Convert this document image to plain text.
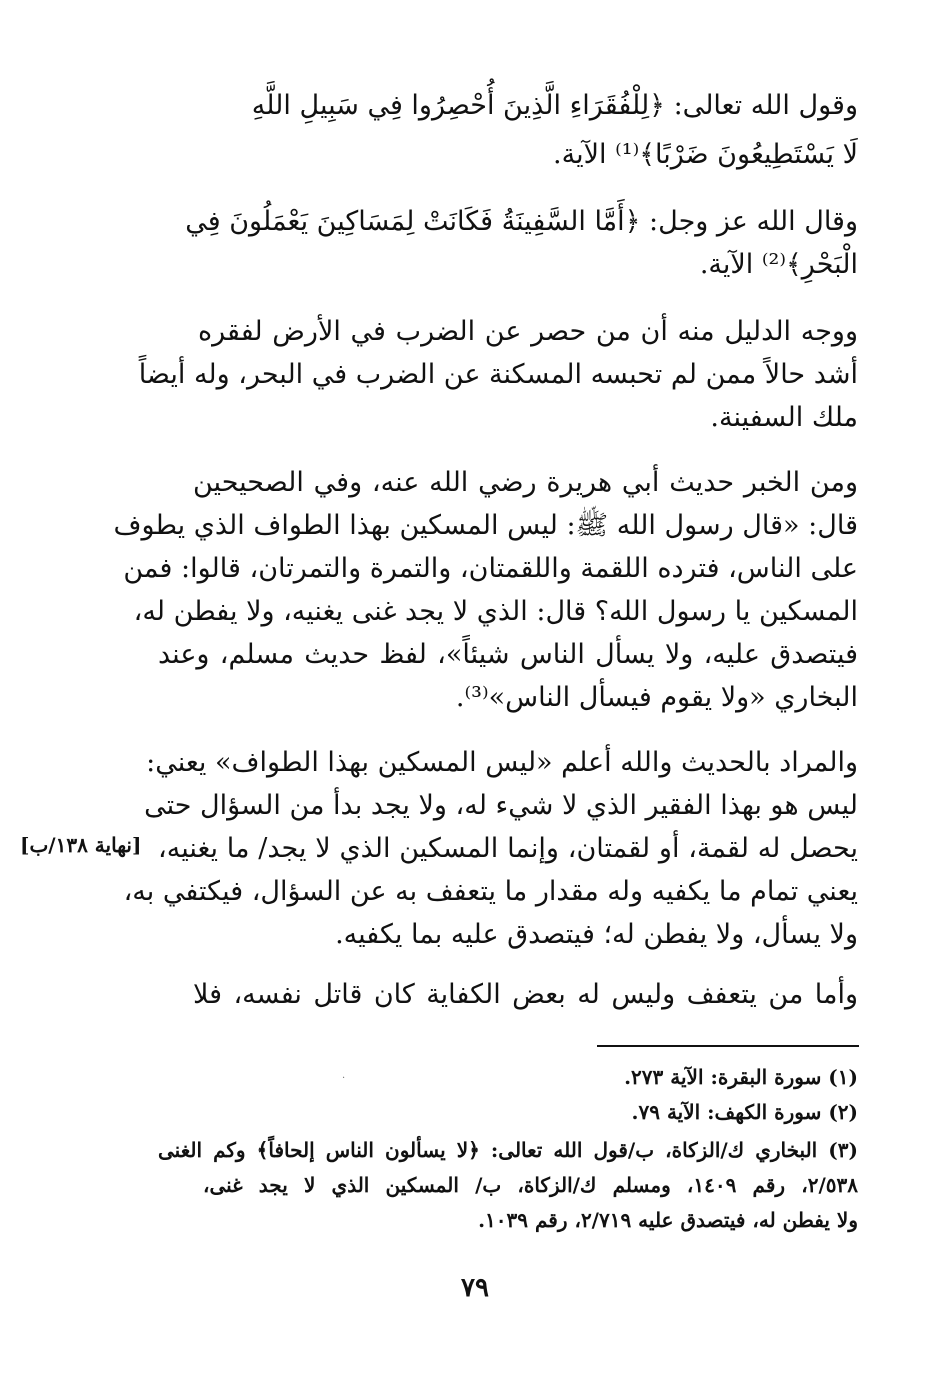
وقول الله تعالى: ﴿لِلْفُقَرَاءِ الَّذِينَ أُحْصِرُوا فِي سَبِيلِ اللَّهِ
لَا يَسْتَطِيعُونَ ضَرْبًا﴾⁽¹⁾ الآية.
وقال الله عز وجل: ﴿أَمَّا السَّفِينَةُ فَكَانَتْ لِمَسَاكِينَ يَعْمَلُونَ فِي
الْبَحْرِ﴾⁽²⁾ الآية.
ووجه الدليل منه أن من حصر عن الضرب في الأرض لفقره
أشد حالاً ممن لم تحبسه المسكنة عن الضرب في البحر، وله أيضاً
ملك السفينة.
ومن الخبر حديث أبي هريرة رضي الله عنه، وفي الصحيحين
قال: «قال رسول الله ﷺ: ليس المسكين بهذا الطواف الذي يطوف
على الناس، فترده اللقمة واللقمتان، والتمرة والتمرتان، قالوا: فمن
المسكين يا رسول الله؟ قال: الذي لا يجد غنى يغنيه، ولا يفطن له،
فيتصدق عليه، ولا يسأل الناس شيئاً»، لفظ حديث مسلم، وعند
البخاري «ولا يقوم فيسأل الناس»⁽³⁾.
والمراد بالحديث والله أعلم «ليس المسكين بهذا الطواف» يعني:
ليس هو بهذا الفقير الذي لا شيء له، ولا يجد بدأ من السؤال حتى
يحصل له لقمة، أو لقمتان، وإنما المسكين الذي لا يجد/ ما يغنيه،
يعني تمام ما يكفيه وله مقدار ما يتعفف به عن السؤال، فيكتفي به،
ولا يسأل، ولا يفطن له؛ فيتصدق عليه بما يكفيه.
وأما من يتعفف وليس له بعض الكفاية كان قاتل نفسه، فلا
[نهاية ١٣٨/ب]
·	(١) سورة البقرة: الآية ٢٧٣.
(٢) سورة الكهف: الآية ٧٩.
(٣) البخاري ك/الزكاة، ب/قول الله تعالى: ﴿لا يسألون الناس إلحافاً﴾ وكم الغنى
٢/٥٣٨، رقم ١٤٠٩، ومسلم ك/الزكاة، ب/ المسكين الذي لا يجد غنى،
ولا يفطن له، فيتصدق عليه ٢/٧١٩، رقم ١٠٣٩.
٧٩
